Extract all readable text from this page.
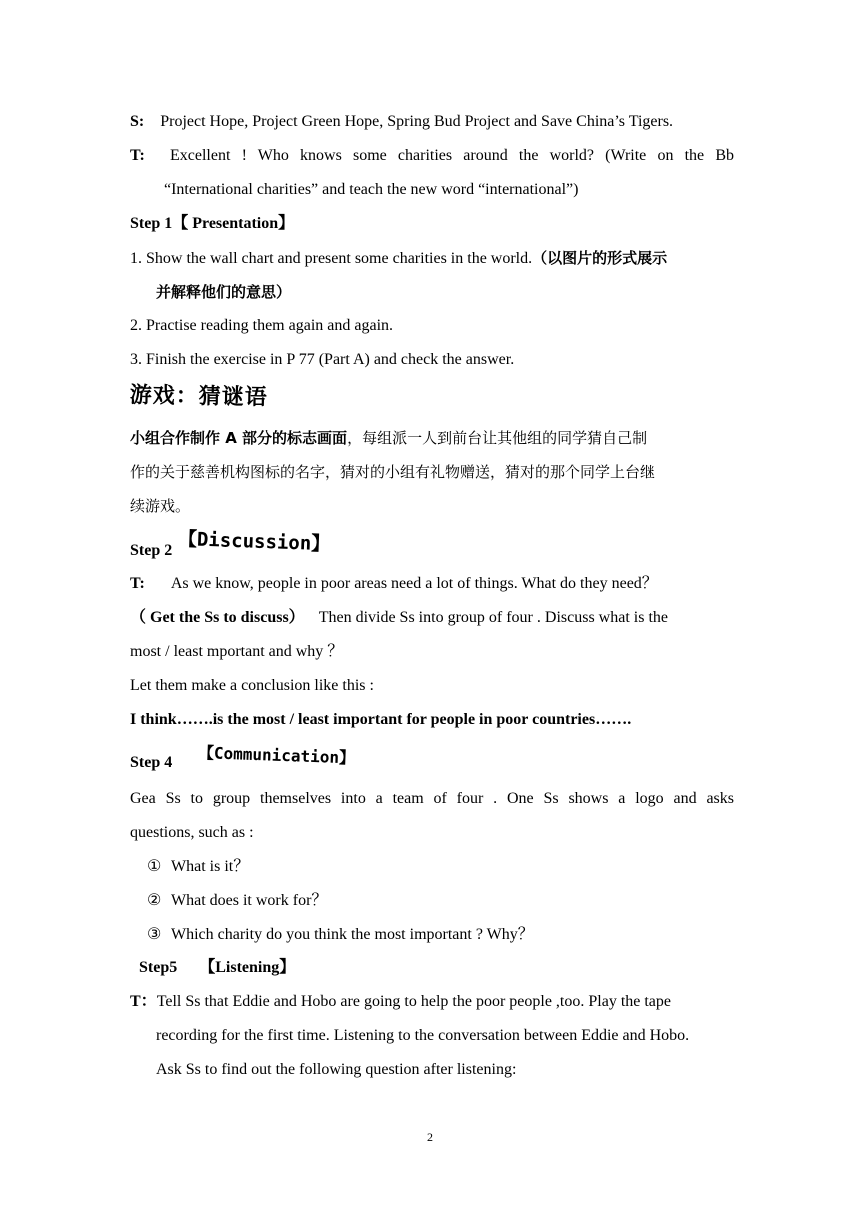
S: Project Hope, Project Green Hope, Spring Bud Project and Save China’s Tigers.
T: Excellent ! Who knows some charities around the world? (Write on the Bb
“International charities” and teach the new word “international”)
Step 1【 Presentation】
1. Show the wall chart and present some charities in the world.（以图片的形式展示
并解释他们的意思）
2. Practise reading them again and again.
3. Finish the exercise in P 77 (Part A) and check the answer.
游戏：猜谜语
小组合作制作 A 部分的标志画面，每组派一人到前台让其他组的同学猜自己制
作的关于慈善机构图标的名字，猜对的小组有礼物赠送，猜对的那个同学上台继
续游戏。
Step 2 【Discussion】
T: As we know, people in poor areas need a lot of things. What do they need？
（ Get the Ss to discuss） Then divide Ss into group of four . Discuss what is the
most / least mportant and why ？
Let them make a conclusion like this :
I think…….is the most / least important for people in poor countries…….
Step 4	【Communication】
Gea Ss to group themselves into a team of four . One Ss shows a logo and asks
questions, such as :
① What is it？
② What does it work for？
③ Which charity do you think the most important ? Why？
Step5 【Listening】
T：Tell Ss that Eddie and Hobo are going to help the poor people ,too. Play the tape
recording for the first time. Listening to the conversation between Eddie and Hobo.
Ask Ss to find out the following question after listening:
2
